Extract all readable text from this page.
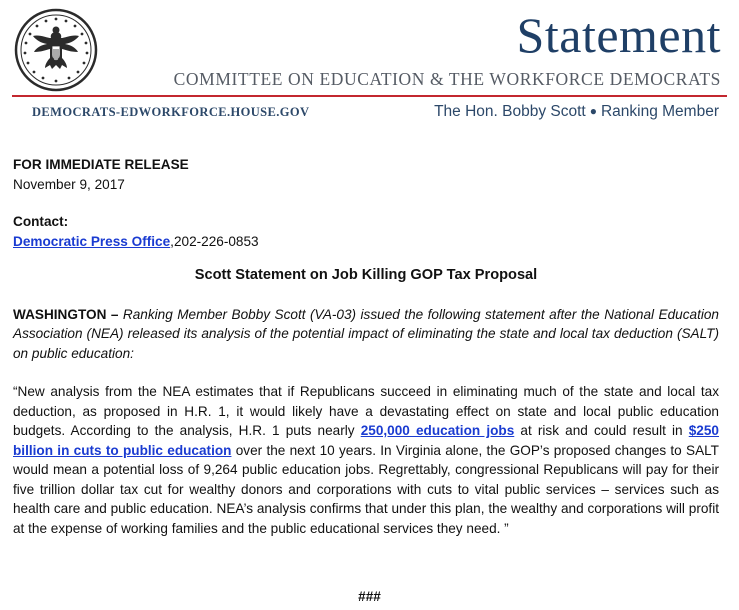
Statement
COMMITTEE ON EDUCATION & THE WORKFORCE DEMOCRATS
DEMOCRATS-EDWORKFORCE.HOUSE.GOV	The Hon. Bobby Scott ● Ranking Member
FOR IMMEDIATE RELEASE
November 9, 2017
Contact:
Democratic Press Office,202-226-0853
Scott Statement on Job Killing GOP Tax Proposal
WASHINGTON – Ranking Member Bobby Scott (VA-03) issued the following statement after the National Education Association (NEA) released its analysis of the potential impact of eliminating the state and local tax deduction (SALT) on public education:
“New analysis from the NEA estimates that if Republicans succeed in eliminating much of the state and local tax deduction, as proposed in H.R. 1, it would likely have a devastating effect on state and local public education budgets. According to the analysis, H.R. 1 puts nearly 250,000 education jobs at risk and could result in $250 billion in cuts to public education over the next 10 years. In Virginia alone, the GOP’s proposed changes to SALT would mean a potential loss of 9,264 public education jobs. Regrettably, congressional Republicans will pay for their five trillion dollar tax cut for wealthy donors and corporations with cuts to vital public services – services such as health care and public education. NEA’s analysis confirms that under this plan, the wealthy and corporations will profit at the expense of working families and the public educational services they need. ”
###
